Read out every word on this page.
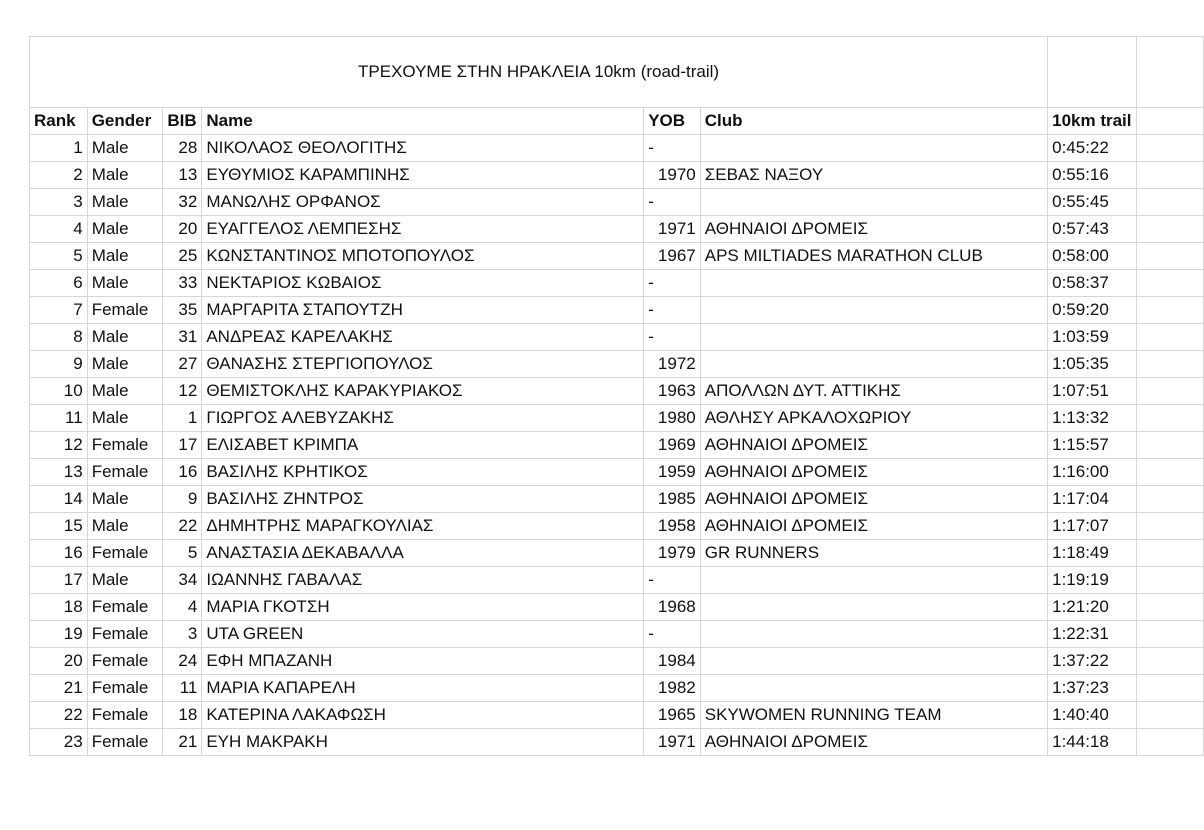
ΤΡΕΧΟΥΜΕ ΣΤΗΝ ΗΡΑΚΛΕΙΑ 10km (road-trail)							
Rank	Gender	BIB	Name	YOB	Club	10km trail	
1	Male	28	ΝΙΚΟΛΑΟΣ ΘΕΟΛΟΓΙΤΗΣ	-		0:45:22	
2	Male	13	ΕΥΘΥΜΙΟΣ ΚΑΡΑΜΠΙΝΗΣ	1970	ΣΕΒΑΣ ΝΑΞΟΥ	0:55:16	
3	Male	32	ΜΑΝΩΛΗΣ ΟΡΦΑΝΟΣ	-		0:55:45	
4	Male	20	ΕΥΑΓΓΕΛΟΣ ΛΕΜΠΕΣΗΣ	1971	ΑΘΗΝΑΙΟΙ ΔΡΟΜΕΙΣ	0:57:43	
5	Male	25	ΚΩΝΣΤΑΝΤΙΝΟΣ ΜΠΟΤΟΠΟΥΛΟΣ	1967	APS MILTIADES MARATHON CLUB	0:58:00	
6	Male	33	ΝΕΚΤΑΡΙΟΣ ΚΩΒΑΙΟΣ	-		0:58:37	
7	Female	35	ΜΑΡΓΑΡΙΤΑ ΣΤΑΠΟΥΤΖΗ	-		0:59:20	
8	Male	31	ΑΝΔΡΕΑΣ ΚΑΡΕΛΑΚΗΣ	-		1:03:59	
9	Male	27	ΘΑΝΑΣΗΣ ΣΤΕΡΓΙΟΠΟΥΛΟΣ	1972		1:05:35	
10	Male	12	ΘΕΜΙΣΤΟΚΛΗΣ ΚΑΡΑΚΥΡΙΑΚΟΣ	1963	ΑΠΟΛΛΩΝ ΔΥΤ. ΑΤΤΙΚΗΣ	1:07:51	
11	Male	1	ΓΙΩΡΓΟΣ ΑΛΕΒΥΖΑΚΗΣ	1980	ΑΘΛΗΣΥ ΑΡΚΑΛΟΧΩΡΙΟΥ	1:13:32	
12	Female	17	ΕΛΙΣΑΒΕΤ ΚΡΙΜΠΑ	1969	ΑΘΗΝΑΙΟΙ ΔΡΟΜΕΙΣ	1:15:57	
13	Female	16	ΒΑΣΙΛΗΣ ΚΡΗΤΙΚΟΣ	1959	ΑΘΗΝΑΙΟΙ ΔΡΟΜΕΙΣ	1:16:00	
14	Male	9	ΒΑΣΙΛΗΣ ΖΗΝΤΡΟΣ	1985	ΑΘΗΝΑΙΟΙ ΔΡΟΜΕΙΣ	1:17:04	
15	Male	22	ΔΗΜΗΤΡΗΣ ΜΑΡΑΓΚΟΥΛΙΑΣ	1958	ΑΘΗΝΑΙΟΙ ΔΡΟΜΕΙΣ	1:17:07	
16	Female	5	ΑΝΑΣΤΑΣΙΑ ΔΕΚΑΒΑΛΛΑ	1979	GR RUNNERS	1:18:49	
17	Male	34	ΙΩΑΝΝΗΣ ΓΑΒΑΛΑΣ	-		1:19:19	
18	Female	4	ΜΑΡΙΑ ΓΚΟΤΣΗ	1968		1:21:20	
19	Female	3	UTA GREEN	-		1:22:31	
20	Female	24	ΕΦΗ ΜΠΑΖΑΝΗ	1984		1:37:22	
21	Female	11	ΜΑΡΙΑ ΚΑΠΑΡΕΛΗ	1982		1:37:23	
22	Female	18	ΚΑΤΕΡΙΝΑ ΛΑΚΑΦΩΣΗ	1965	SKYWOMEN RUNNING TEAM	1:40:40	
23	Female	21	ΕΥΗ ΜΑΚΡΑΚΗ	1971	ΑΘΗΝΑΙΟΙ ΔΡΟΜΕΙΣ	1:44:18	
